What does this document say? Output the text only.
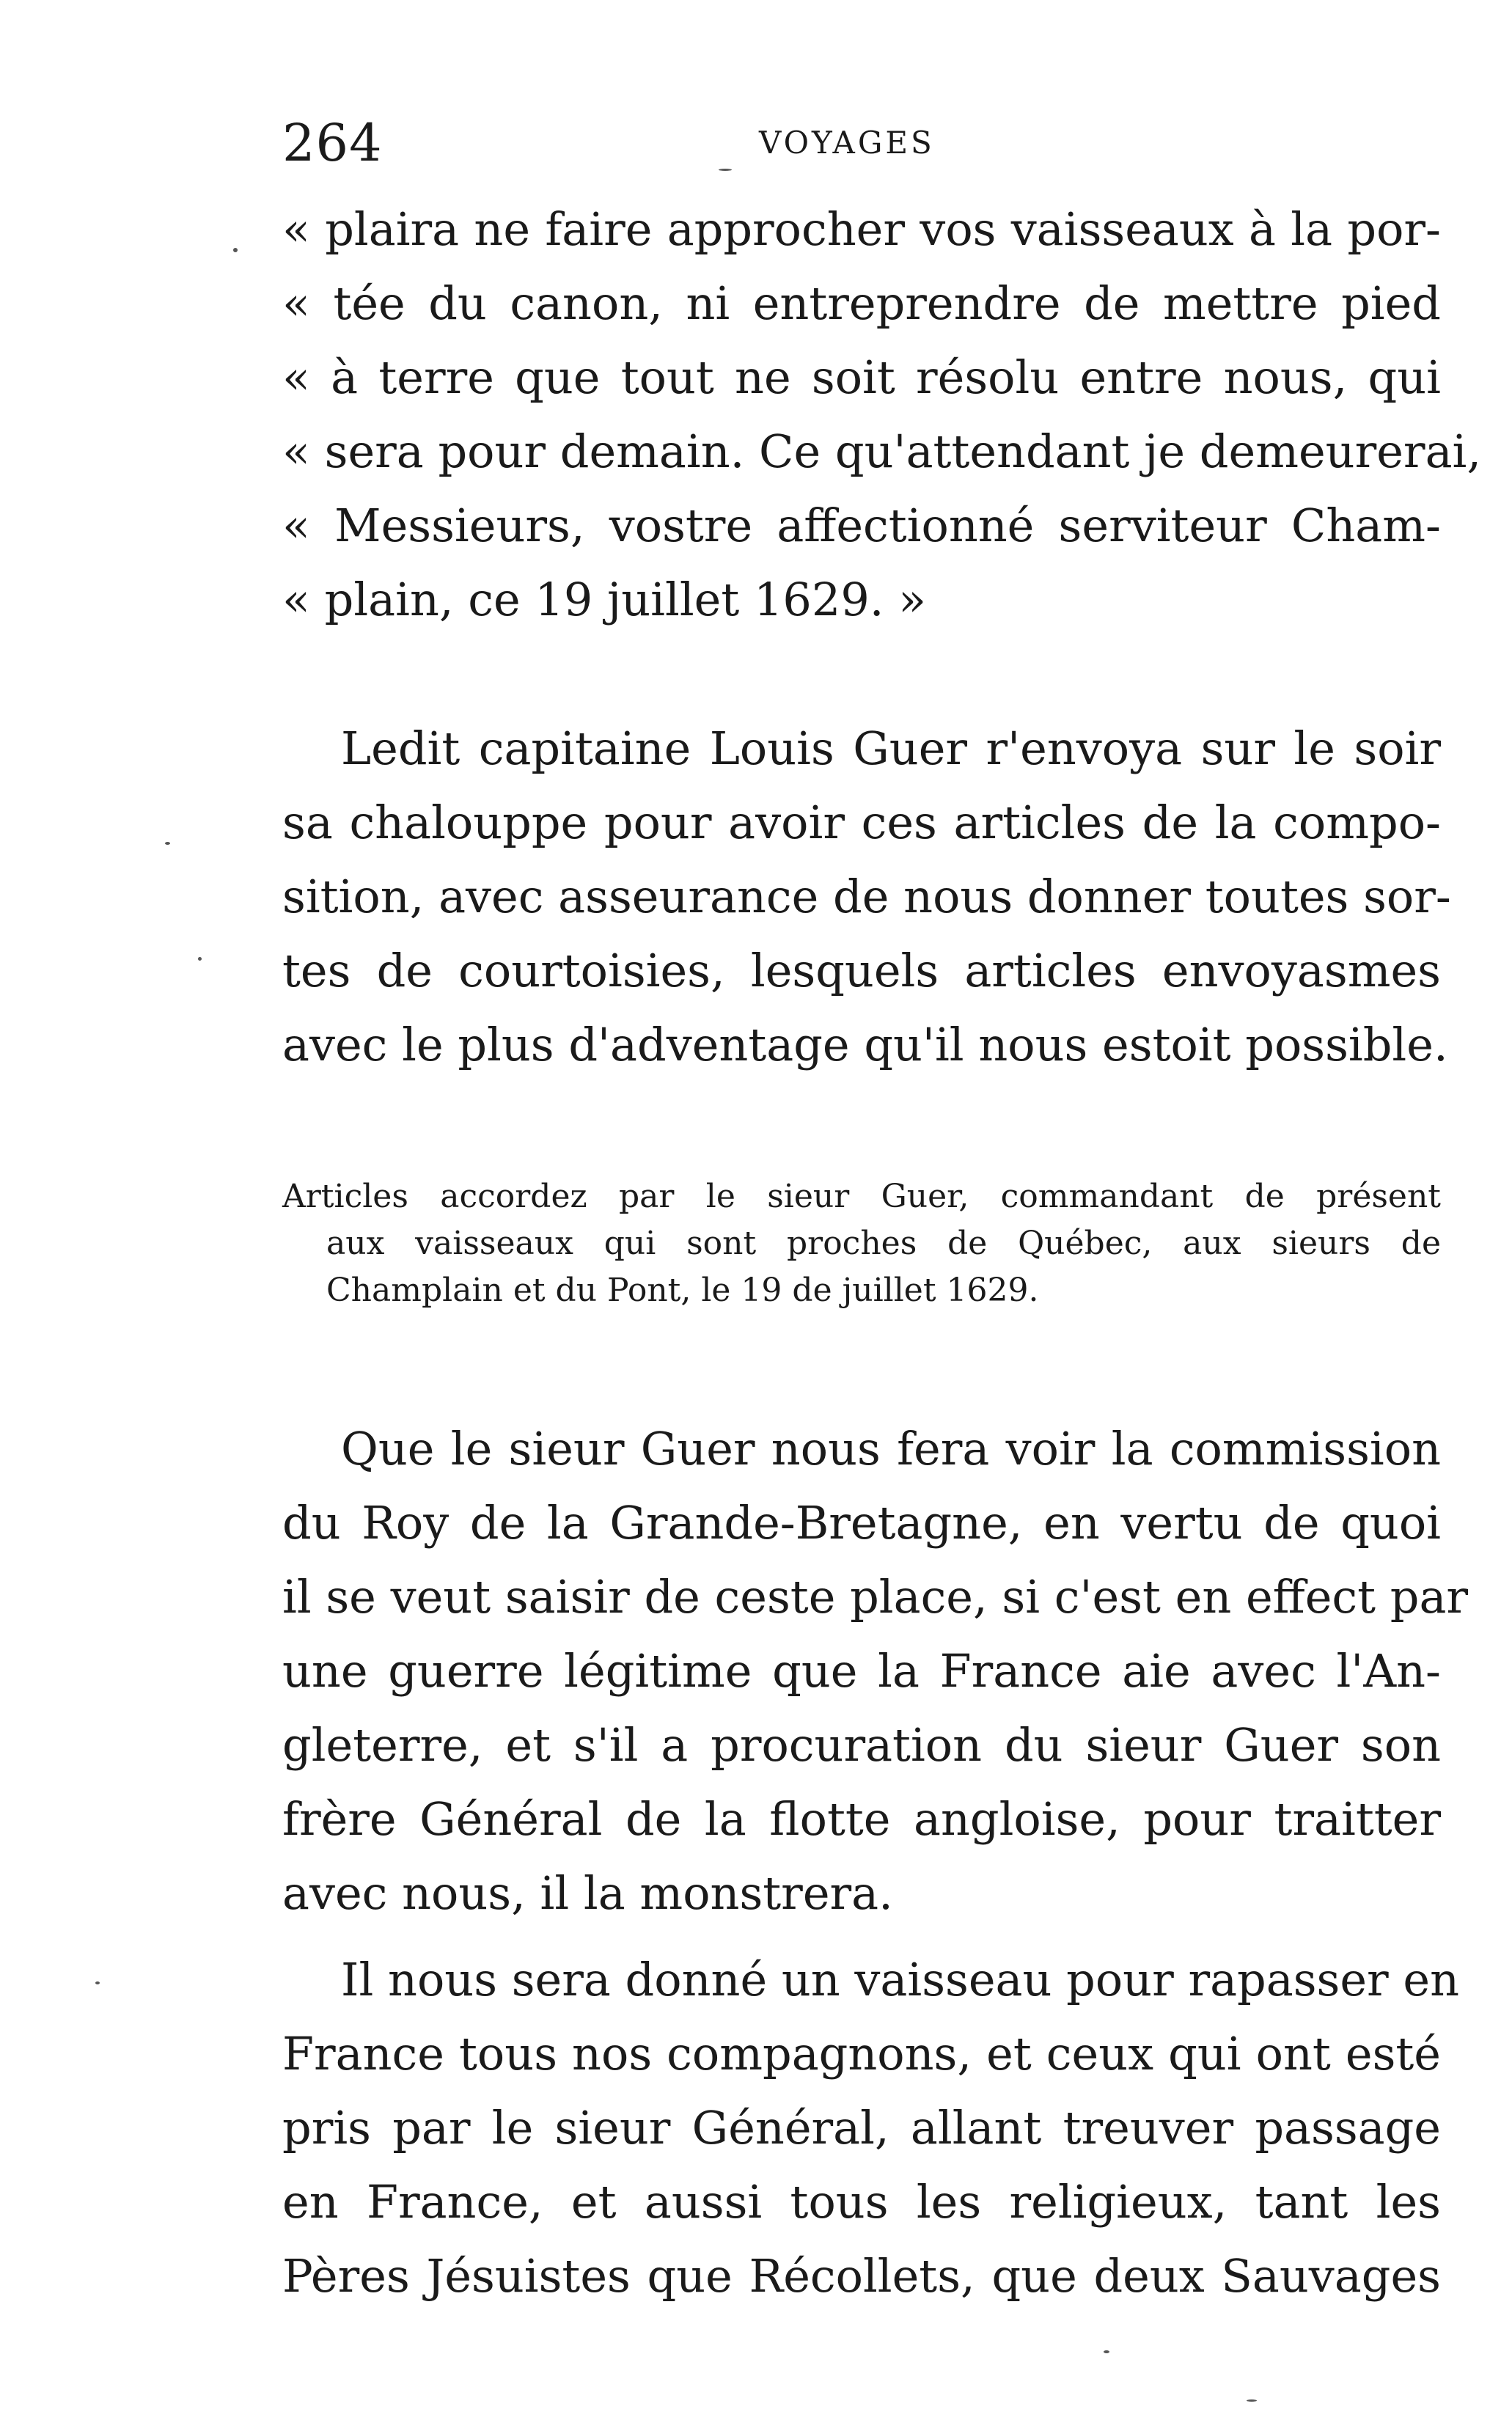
264	VOYAGES
« plaira ne faire approcher vos vaisseaux à la por-
« tée du canon, ni entreprendre de mettre pied
« à terre que tout ne soit résolu entre nous, qui
« sera pour demain. Ce qu'attendant je demeurerai,
« Messieurs, vostre affectionné serviteur Cham-
« plain, ce 19 juillet 1629. »
Ledit capitaine Louis Guer r'envoya sur le soir
sa chalouppe pour avoir ces articles de la compo-
sition, avec asseurance de nous donner toutes sor-
tes de courtoisies, lesquels articles envoyasmes
avec le plus d'adventage qu'il nous estoit possible.
Articles accordez par le sieur Guer, commandant de présent
aux vaisseaux qui sont proches de Québec, aux sieurs de
Champlain et du Pont, le 19 de juillet 1629.
Que le sieur Guer nous fera voir la commission
du Roy de la Grande-Bretagne, en vertu de quoi
il se veut saisir de ceste place, si c'est en effect par
une guerre légitime que la France aie avec l'An-
gleterre, et s'il a procuration du sieur Guer son
frère Général de la flotte angloise, pour traitter
avec nous, il la monstrera.
Il nous sera donné un vaisseau pour rapasser en
France tous nos compagnons, et ceux qui ont esté
pris par le sieur Général, allant treuver passage
en France, et aussi tous les religieux, tant les
Pères Jésuistes que Récollets, que deux Sauvages
